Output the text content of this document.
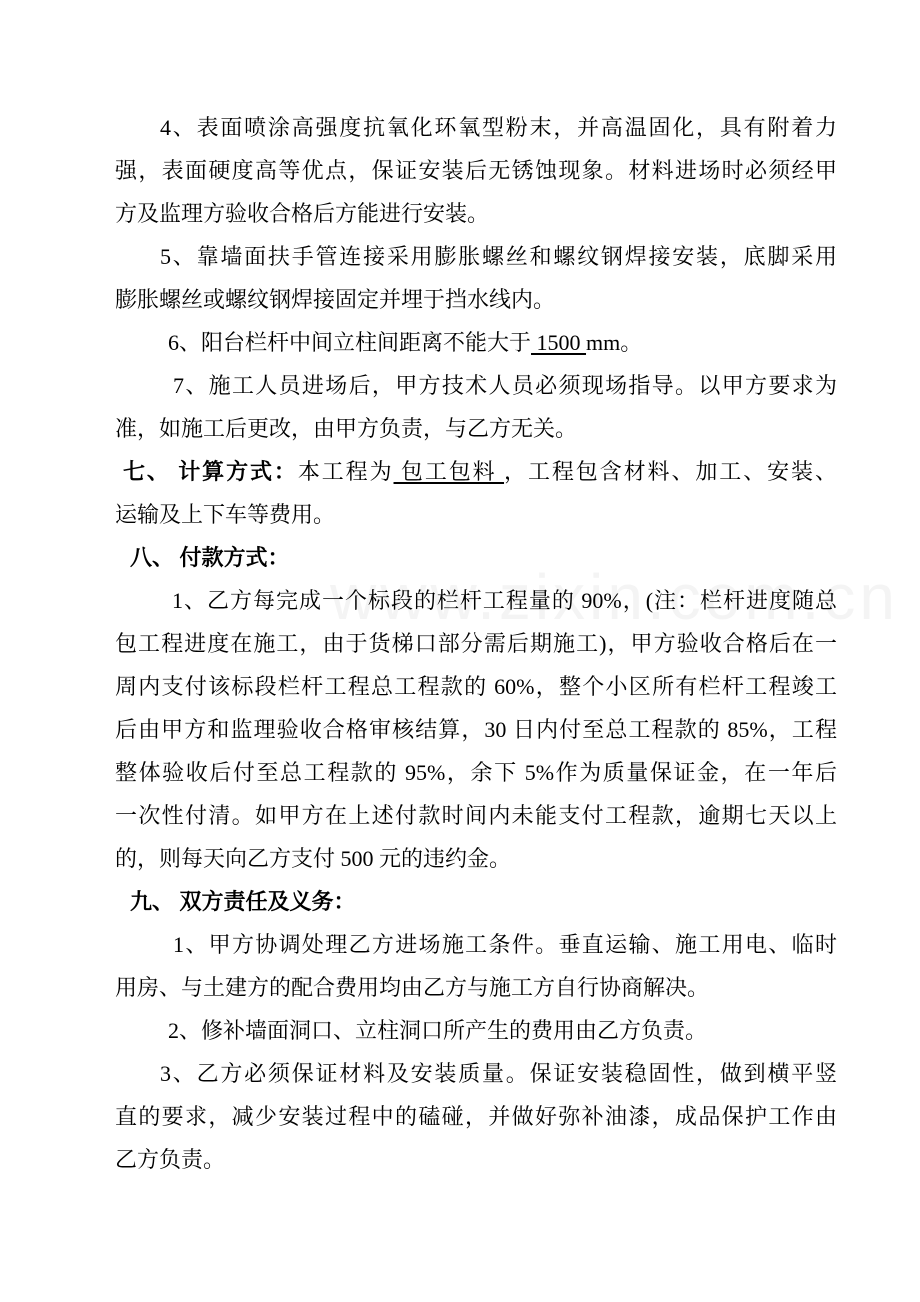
4、表面喷涂高强度抗氧化环氧型粉末，并高温固化，具有附着力
强，表面硬度高等优点，保证安装后无锈蚀现象。材料进场时必须经甲
方及监理方验收合格后方能进行安装。
5、靠墙面扶手管连接采用膨胀螺丝和螺纹钢焊接安装，底脚采用
膨胀螺丝或螺纹钢焊接固定并埋于挡水线内。
6、阳台栏杆中间立柱间距离不能大于 1500 mm。
7、施工人员进场后，甲方技术人员必须现场指导。以甲方要求为
准，如施工后更改，由甲方负责，与乙方无关。
七、 计算方式：本工程为 包工包料 ，工程包含材料、加工、安装、
运输及上下车等费用。
八、 付款方式：
1、乙方每完成一个标段的栏杆工程量的 90%，(注：栏杆进度随总
包工程进度在施工，由于货梯口部分需后期施工)，甲方验收合格后在一
周内支付该标段栏杆工程总工程款的 60%，整个小区所有栏杆工程竣工
后由甲方和监理验收合格审核结算，30 日内付至总工程款的 85%，工程
整体验收后付至总工程款的 95%，余下 5%作为质量保证金，在一年后
一次性付清。如甲方在上述付款时间内未能支付工程款，逾期七天以上
的，则每天向乙方支付 500 元的违约金。
九、 双方责任及义务：
1、甲方协调处理乙方进场施工条件。垂直运输、施工用电、临时
用房、与土建方的配合费用均由乙方与施工方自行协商解决。
2、修补墙面洞口、立柱洞口所产生的费用由乙方负责。
3、乙方必须保证材料及安装质量。保证安装稳固性，做到横平竖
直的要求，减少安装过程中的磕碰，并做好弥补油漆，成品保护工作由
乙方负责。
